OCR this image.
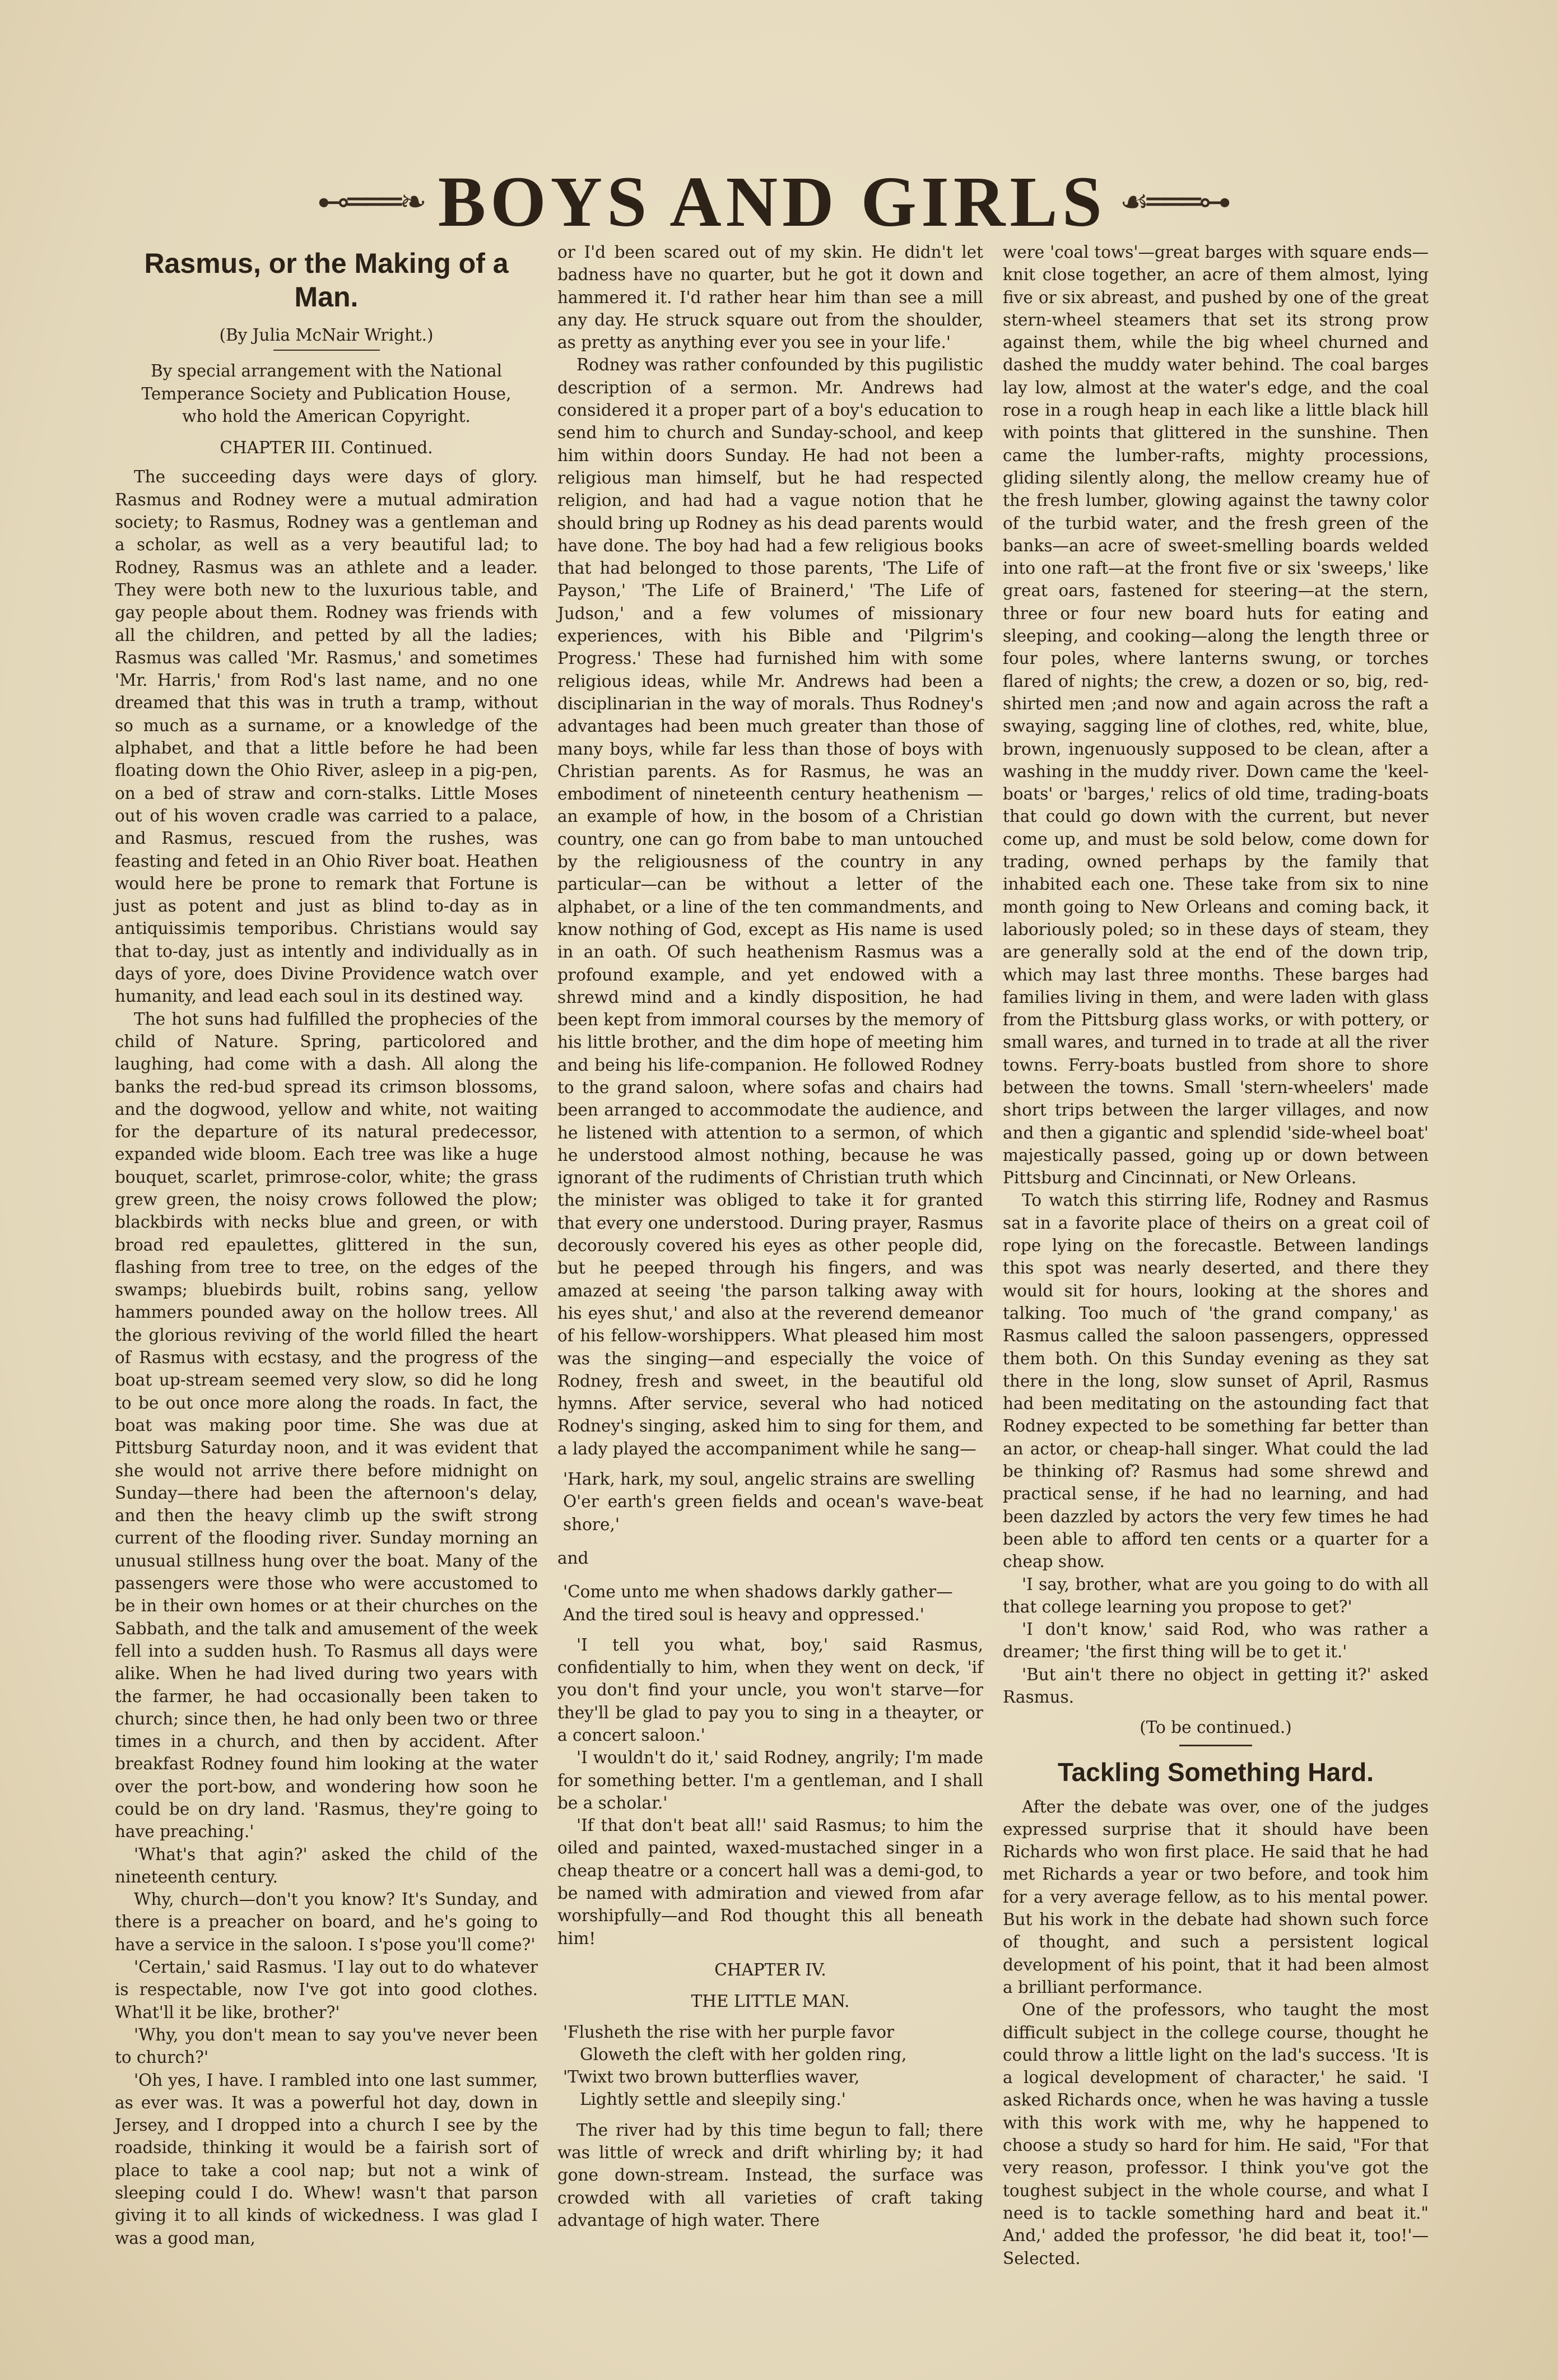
⊷═══❧ BOYS AND GIRLS ☙═══⊶
Rasmus, or the Making of a Man.

(By Julia McNair Wright.)

By special arrangement with the National Temperance Society and Publication House, who hold the American Copyright.

CHAPTER III. Continued.

The succeeding days were days of glory. Rasmus and Rodney were a mutual admiration society; to Rasmus, Rodney was a gentleman and a scholar, as well as a very beautiful lad; to Rodney, Rasmus was an athlete and a leader. They were both new to the luxurious table, and gay people about them. Rodney was friends with all the children, and petted by all the ladies; Rasmus was called 'Mr. Rasmus,' and sometimes 'Mr. Harris,' from Rod's last name, and no one dreamed that this was in truth a tramp, without so much as a surname, or a knowledge of the alphabet, and that a little before he had been floating down the Ohio River, asleep in a pig-pen, on a bed of straw and corn-stalks. Little Moses out of his woven cradle was carried to a palace, and Rasmus, rescued from the rushes, was feasting and feted in an Ohio River boat. Heathen would here be prone to remark that Fortune is just as potent and just as blind to-day as in antiquissimis temporibus. Christians would say that to-day, just as intently and individually as in days of yore, does Divine Providence watch over humanity, and lead each soul in its destined way.

The hot suns had fulfilled the prophecies of the child of Nature. Spring, particolored and laughing, had come with a dash. All along the banks the red-bud spread its crimson blossoms, and the dogwood, yellow and white, not waiting for the departure of its natural predecessor, expanded wide bloom. Each tree was like a huge bouquet, scarlet, primrose-color, white; the grass grew green, the noisy crows followed the plow; blackbirds with necks blue and green, or with broad red epaulettes, glittered in the sun, flashing from tree to tree, on the edges of the swamps; bluebirds built, robins sang, yellow hammers pounded away on the hollow trees. All the glorious reviving of the world filled the heart of Rasmus with ecstasy, and the progress of the boat up-stream seemed very slow, so did he long to be out once more along the roads. In fact, the boat was making poor time. She was due at Pittsburg Saturday noon, and it was evident that she would not arrive there before midnight on Sunday—there had been the afternoon's delay, and then the heavy climb up the swift strong current of the flooding river. Sunday morning an unusual stillness hung over the boat. Many of the passengers were those who were accustomed to be in their own homes or at their churches on the Sabbath, and the talk and amusement of the week fell into a sudden hush. To Rasmus all days were alike. When he had lived during two years with the farmer, he had occasionally been taken to church; since then, he had only been two or three times in a church, and then by accident. After breakfast Rodney found him looking at the water over the port-bow, and wondering how soon he could be on dry land. 'Rasmus, they're going to have preaching.'

'What's that agin?' asked the child of the nineteenth century.

Why, church—don't you know? It's Sunday, and there is a preacher on board, and he's going to have a service in the saloon. I s'pose you'll come?'

'Certain,' said Rasmus. 'I lay out to do whatever is respectable, now I've got into good clothes. What'll it be like, brother?'

'Why, you don't mean to say you've never been to church?'

'Oh yes, I have. I rambled into one last summer, as ever was. It was a powerful hot day, down in Jersey, and I dropped into a church I see by the roadside, thinking it would be a fairish sort of place to take a cool nap; but not a wink of sleeping could I do. Whew! wasn't that parson giving it to all kinds of wickedness. I was glad I was a good man,

or I'd been scared out of my skin. He didn't let badness have no quarter, but he got it down and hammered it. I'd rather hear him than see a mill any day. He struck square out from the shoulder, as pretty as anything ever you see in your life.'

Rodney was rather confounded by this pugilistic description of a sermon. Mr. Andrews had considered it a proper part of a boy's education to send him to church and Sunday-school, and keep him within doors Sunday. He had not been a religious man himself, but he had respected religion, and had had a vague notion that he should bring up Rodney as his dead parents would have done. The boy had had a few religious books that had belonged to those parents, 'The Life of Payson,' 'The Life of Brainerd,' 'The Life of Judson,' and a few volumes of missionary experiences, with his Bible and 'Pilgrim's Progress.' These had furnished him with some religious ideas, while Mr. Andrews had been a disciplinarian in the way of morals. Thus Rodney's advantages had been much greater than those of many boys, while far less than those of boys with Christian parents. As for Rasmus, he was an embodiment of nineteenth century heathenism —an example of how, in the bosom of a Christian country, one can go from babe to man untouched by the religiousness of the country in any particular—can be without a letter of the alphabet, or a line of the ten commandments, and know nothing of God, except as His name is used in an oath. Of such heathenism Rasmus was a profound example, and yet endowed with a shrewd mind and a kindly disposition, he had been kept from immoral courses by the memory of his little brother, and the dim hope of meeting him and being his life-companion. He followed Rodney to the grand saloon, where sofas and chairs had been arranged to accommodate the audience, and he listened with attention to a sermon, of which he understood almost nothing, because he was ignorant of the rudiments of Christian truth which the minister was obliged to take it for granted that every one understood. During prayer, Rasmus decorously covered his eyes as other people did, but he peeped through his fingers, and was amazed at seeing 'the parson talking away with his eyes shut,' and also at the reverend demeanor of his fellow-worshippers. What pleased him most was the singing—and especially the voice of Rodney, fresh and sweet, in the beautiful old hymns. After service, several who had noticed Rodney's singing, asked him to sing for them, and a lady played the accompaniment while he sang—

'Hark, hark, my soul, angelic strains are swelling
O'er earth's green fields and ocean's wave-beat shore,'

and

'Come unto me when shadows darkly gather—
And the tired soul is heavy and oppressed.'

'I tell you what, boy,' said Rasmus, confidentially to him, when they went on deck, 'if you don't find your uncle, you won't starve—for they'll be glad to pay you to sing in a theayter, or a concert saloon.'

'I wouldn't do it,' said Rodney, angrily; I'm made for something better. I'm a gentleman, and I shall be a scholar.'

'If that don't beat all!' said Rasmus; to him the oiled and painted, waxed-mustached singer in a cheap theatre or a concert hall was a demi-god, to be named with admiration and viewed from afar worshipfully—and Rod thought this all beneath him!

CHAPTER IV.

THE LITTLE MAN.

'Flusheth the rise with her purple favor
Gloweth the cleft with her golden ring,
'Twixt two brown butterflies waver,
Lightly settle and sleepily sing.'

The river had by this time begun to fall; there was little of wreck and drift whirling by; it had gone down-stream. Instead, the surface was crowded with all varieties of craft taking advantage of high water. There

were 'coal tows'—great barges with square ends—knit close together, an acre of them almost, lying five or six abreast, and pushed by one of the great stern-wheel steamers that set its strong prow against them, while the big wheel churned and dashed the muddy water behind. The coal barges lay low, almost at the water's edge, and the coal rose in a rough heap in each like a little black hill with points that glittered in the sunshine. Then came the lumber-rafts, mighty processions, gliding silently along, the mellow creamy hue of the fresh lumber, glowing against the tawny color of the turbid water, and the fresh green of the banks—an acre of sweet-smelling boards welded into one raft—at the front five or six 'sweeps,' like great oars, fastened for steering—at the stern, three or four new board huts for eating and sleeping, and cooking—along the length three or four poles, where lanterns swung, or torches flared of nights; the crew, a dozen or so, big, red-shirted men ;and now and again across the raft a swaying, sagging line of clothes, red, white, blue, brown, ingenuously supposed to be clean, after a washing in the muddy river. Down came the 'keel-boats' or 'barges,' relics of old time, trading-boats that could go down with the current, but never come up, and must be sold below, come down for trading, owned perhaps by the family that inhabited each one. These take from six to nine month going to New Orleans and coming back, it laboriously poled; so in these days of steam, they are generally sold at the end of the down trip, which may last three months. These barges had families living in them, and were laden with glass from the Pittsburg glass works, or with pottery, or small wares, and turned in to trade at all the river towns. Ferry-boats bustled from shore to shore between the towns. Small 'stern-wheelers' made short trips between the larger villages, and now and then a gigantic and splendid 'side-wheel boat' majestically passed, going up or down between Pittsburg and Cincinnati, or New Orleans.

To watch this stirring life, Rodney and Rasmus sat in a favorite place of theirs on a great coil of rope lying on the forecastle. Between landings this spot was nearly deserted, and there they would sit for hours, looking at the shores and talking. Too much of 'the grand company,' as Rasmus called the saloon passengers, oppressed them both. On this Sunday evening as they sat there in the long, slow sunset of April, Rasmus had been meditating on the astounding fact that Rodney expected to be something far better than an actor, or cheap-hall singer. What could the lad be thinking of? Rasmus had some shrewd and practical sense, if he had no learning, and had been dazzled by actors the very few times he had been able to afford ten cents or a quarter for a cheap show.

'I say, brother, what are you going to do with all that college learning you propose to get?'

'I don't know,' said Rod, who was rather a dreamer; 'the first thing will be to get it.'

'But ain't there no object in getting it?' asked Rasmus.

(To be continued.)

Tackling Something Hard.

After the debate was over, one of the judges expressed surprise that it should have been Richards who won first place. He said that he had met Richards a year or two before, and took him for a very average fellow, as to his mental power. But his work in the debate had shown such force of thought, and such a persistent logical development of his point, that it had been almost a brilliant performance.

One of the professors, who taught the most difficult subject in the college course, thought he could throw a little light on the lad's success. 'It is a logical development of character,' he said. 'I asked Richards once, when he was having a tussle with this work with me, why he happened to choose a study so hard for him. He said, "For that very reason, professor. I think you've got the toughest subject in the whole course, and what I need is to tackle something hard and beat it." And,' added the professor, 'he did beat it, too!'—Selected.
